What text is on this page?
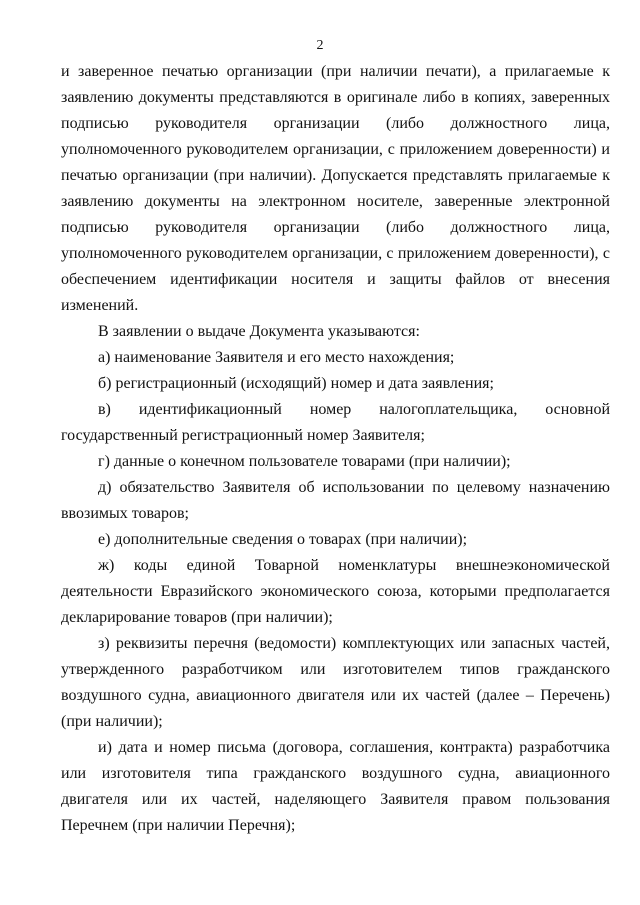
2

и заверенное печатью организации (при наличии печати), а прилагаемые к заявлению документы представляются в оригинале либо в копиях, заверенных подписью руководителя организации (либо должностного лица, уполномоченного руководителем организации, с приложением доверенности) и печатью организации (при наличии). Допускается представлять прилагаемые к заявлению документы на электронном носителе, заверенные электронной подписью руководителя организации (либо должностного лица, уполномоченного руководителем организации, с приложением доверенности), с обеспечением идентификации носителя и защиты файлов от внесения изменений.

В заявлении о выдаче Документа указываются:

а) наименование Заявителя и его место нахождения;

б) регистрационный (исходящий) номер и дата заявления;

в) идентификационный номер налогоплательщика, основной государственный регистрационный номер Заявителя;

г) данные о конечном пользователе товарами (при наличии);

д) обязательство Заявителя об использовании по целевому назначению ввозимых товаров;

е) дополнительные сведения о товарах (при наличии);

ж) коды единой Товарной номенклатуры внешнеэкономической деятельности Евразийского экономического союза, которыми предполагается декларирование товаров (при наличии);

з) реквизиты перечня (ведомости) комплектующих или запасных частей, утвержденного разработчиком или изготовителем типов гражданского воздушного судна, авиационного двигателя или их частей (далее – Перечень) (при наличии);

и) дата и номер письма (договора, соглашения, контракта) разработчика или изготовителя типа гражданского воздушного судна, авиационного двигателя или их частей, наделяющего Заявителя правом пользования Перечнем (при наличии Перечня);
